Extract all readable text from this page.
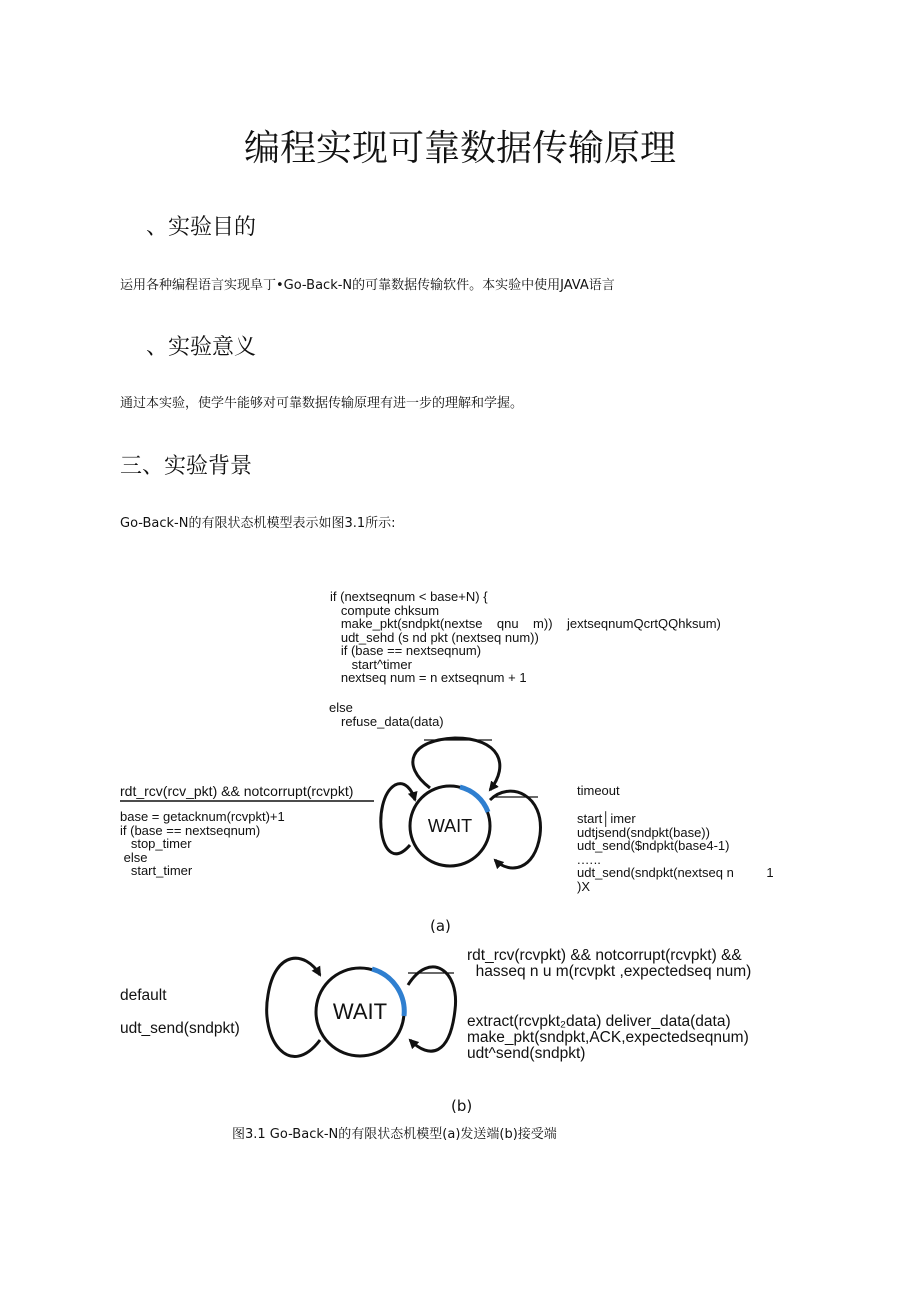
编程实现可靠数据传输原理
、实验目的
运用各种编程语言实现阜丁•Go-Back-N的可靠数据传输软件。本实验中使用JAVA语言
、实验意义
通过本实验，使学牛能够对可靠数据传输原理有进一步的理解和学握。
三、实验背景
Go-Back-N的有限状态机模型表示如图3.1所示:
if (nextseqnum < base+N) {
compute chksum
make_pkt(sndpkt(nextse    qnu    m))    jextseqnumQcrtQQhksum)
udt_sehd (s nd pkt (nextseq num))
if (base == nextseqnum)
start^timer
nextseq num = n extseqnum + 1
else
refuse_data(data)
rdt_rcv(rcv_pkt) && notcorrupt(rcvpkt)
base = getacknum(rcvpkt)+1
if (base == nextseqnum)
stop_timer
else
start_timer
timeout
start│imer
udtjsend(sndpkt(base))
udt_send($ndpkt(base4-1)
.…..
udt_send(sndpkt(nextseq n         1
)X
WAIT
WAIT
(a)
rdt_rcv(rcvpkt) && notcorrupt(rcvpkt) &&
hasseq n u m(rcvpkt ,expectedseq num)
default
udt_send(sndpkt)	extract(rcvpkt₂data) deliver_data(data)
make_pkt(sndpkt,ACK,expectedseqnum)
udt^send(sndpkt)
(b)
图3.1 Go-Back-N的有限状态机模型(a)发送端(b)接受端
